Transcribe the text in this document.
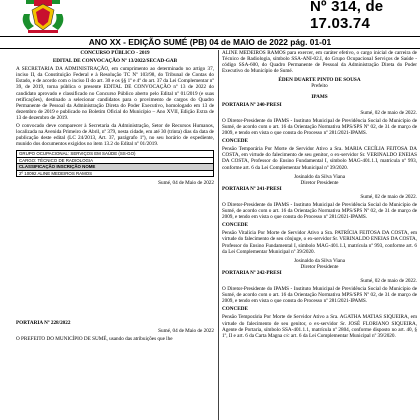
Nº 314, de 17.03.74
ANO XX - EDIÇÃO SUMÉ (PB) 04 de MAIO de 2022 pág. 01-01

CONCURSO PÚBLICO - 2019

EDITAL DE CONVOCAÇÃO Nº 13/2022/SECAD-GAB

A SECRETARIA DA ADMINISTRAÇÃO, em cumprimento ao determinado no artigo 37, inciso II, da Constituição Federal e à Resolução TC Nº 103/98, do Tribunal de Contas do Estado, e de acordo com o inciso II do art. 30 e os §§ 1º e 4º do art. 37 da Lei Complementar nº 39, de 2019, torna pública o presente EDITAL DE CONVOCAÇÃO nº 13 de 2022 do candidato aprovado e classificado no Concurso Público aberto pelo Edital nº 01/2019 (e suas retificações), destinado a selecionar candidatos para o provimento de cargos do Quadro Permanente de Pessoal da Administração Direta do Poder Executivo, homologado em 13 de dezembro de 2019 e publicado no Boletim Oficial do Município – Ano XVII, Edição Extra de 13 de dezembro de 2019.

O convocado deve comparecer à Secretaria da Administração, Setor de Recursos Humanos, localizada na Avenida Primeiro de Abril, nº 379, nesta cidade, em até 30 (trinta) dias da data de publicação deste edital (LC 24/2013, Art. 37, parágrafo 1º), no seu horário de expediente, munido dos documentos exigidos no item 13.2 do Edital nº 01/2019.

GRUPO OCUPACIONAL: SERVIÇOS EM SAÚDE (SS-GO)
CARGO: TÉCNICO DE RADIOLOGIA
CLASSIFICAÇÃO INSCRIÇÃO NOME
2º 10092 ALINE MEDEIROS RAMOS

Sumé, 04 de Maio de 2022

PORTARIA Nº 228/2022

Sumé, 04 de Maio de 2022

O PREFEITO DO MUNICÍPIO DE SUMÉ, usando das atribuições que lhe

ALINE MEDEIROS RAMOS para exercer, em caráter efetivo, o cargo inicial de carreira de Técnico de Radiologia, símbolo SSA-ANI-02.I, do Grupo Ocupacional Serviços de Saúde - código SSA-600, do Quadro Permanente de Pessoal da Administração Direta do Poder Executivo do Município de Sumé.

ÉDEN DUARTE PINTO DE SOUSA
Prefeito

IPAMS

PORTARIA Nº 240-PRESI

Sumé, 02 de maio de 2022.

O Diretor-Presidente do IPAMS - Instituto Municipal de Previdência Social do Município de Sumé, de acordo com o art. 16 da Orientação Normativa MPS/SPS Nº 02, de 31 de março de 2009, e tendo em vista o que consta do Processo nº 281/2021-IPAMS.

CONCEDE

Pensão Temporária Por Morte de Servidor Ativo a Sra. MARIA CECÍLIA FEITOSA DA COSTA, em virtude do falecimento de seu genitor, o ex-servidor Sr. VERINALDO ENEIAS DA COSTA, Professor do Ensino Fundamental I, símbolo MAG-401.1.I, matrícula nº 993, conforme art. 6 da Lei Complementar Municipal nº 39/2020.

Josinaldo da Silva Viana
Diretor Presidente

PORTARIA Nº 241-PRESI

Sumé, 02 de maio de 2022.

O Diretor-Presidente do IPAMS - Instituto Municipal de Previdência Social do Município de Sumé, de acordo com o art. 16 da Orientação Normativa MPS/SPS Nº 02, de 31 de março de 2009, e tendo em vista o que consta do Processo nº 281/2021-IPAMS.

CONCEDE

Pensão Vitalícia Por Morte de Servidor Ativo a Sra. PATRÍCIA FEITOSA DA COSTA, em virtude do falecimento de seu cônjuge, o ex-servidor Sr. VERINALDO ENEIAS DA COSTA, Professor do Ensino Fundamental I, símbolo MAG-401.1.I, matrícula nº 993, conforme art. 6 da Lei Complementar Municipal nº 39/2020.

Josinaldo da Silva Viana
Diretor Presidente

PORTARIA Nº 242-PRESI

Sumé, 02 de maio de 2022.

O Diretor-Presidente do IPAMS - Instituto Municipal de Previdência Social do Município de Sumé, de acordo com o art. 16 da Orientação Normativa MPS/SPS Nº 02, de 31 de março de 2009, e tendo em vista o que consta do Processo nº 281/2021-IPAMS.

CONCEDE

Pensão Temporária Por Morte de Servidor Ativo a Sra. AGATHA MATIAS SIQUEIRA, em virtude do falecimento de seu genitor, o ex-servidor Sr. JOSÉ FLORIANO SIQUEIRA, Agente de Portaria, símbolo SSA-401.1.1, matrícula nº 2804, conforme disposto no art. 40, § 1º, II e art. 6 da Carta Magna c/c art. 6 da Lei Complementar Municipal nº 39/2020.
